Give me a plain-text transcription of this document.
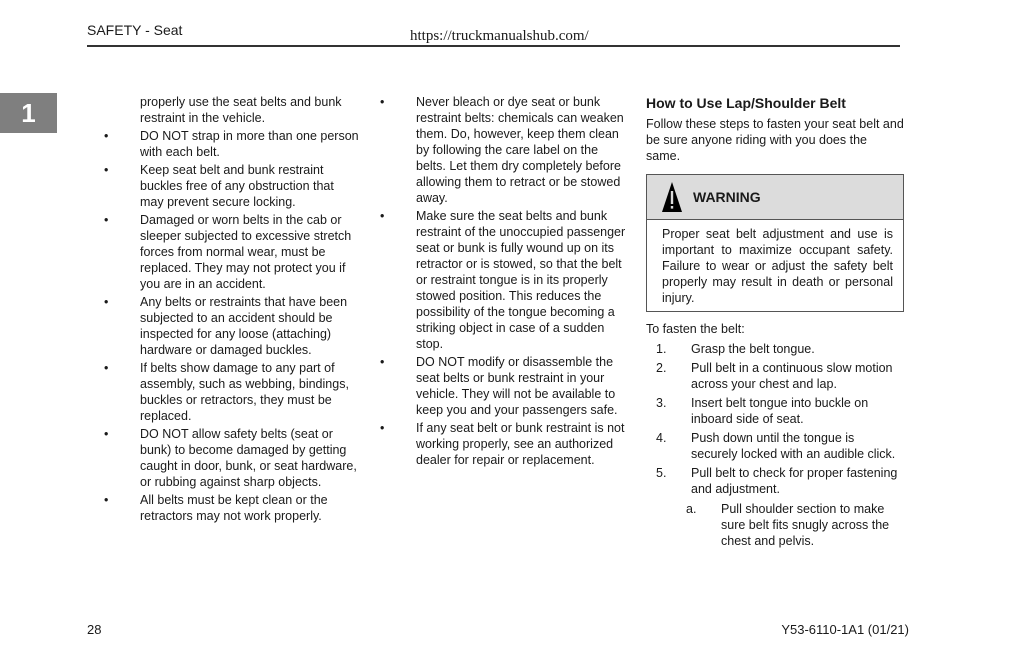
SAFETY - Seat	https://truckmanualshub.com/
1	properly use the seat belts and bunk restraint in the vehicle.

•	DO NOT strap in more than one person with each belt.
•	Keep seat belt and bunk restraint buckles free of any obstruction that may prevent secure locking.
•	Damaged or worn belts in the cab or sleeper subjected to excessive stretch forces from normal wear, must be replaced. They may not protect you if you are in an accident.
•	Any belts or restraints that have been subjected to an accident should be inspected for any loose (attaching) hardware or damaged buckles.
•	If belts show damage to any part of assembly, such as webbing, bindings, buckles or retractors, they must be replaced.
•	DO NOT allow safety belts (seat or bunk) to become damaged by getting caught in door, bunk, or seat hardware, or rubbing against sharp objects.
•	All belts must be kept clean or the retractors may not work properly.
•	Never bleach or dye seat or bunk restraint belts: chemicals can weaken them. Do, however, keep them clean by following the care label on the belts. Let them dry completely before allowing them to retract or be stowed away.
•	Make sure the seat belts and bunk restraint of the unoccupied passenger seat or bunk is fully wound up on its retractor or is stowed, so that the belt or restraint tongue is in its properly stowed position. This reduces the possibility of the tongue becoming a striking object in case of a sudden stop.
•	DO NOT modify or disassemble the seat belts or bunk restraint in your vehicle. They will not be available to keep you and your passengers safe.
•	If any seat belt or bunk restraint is not working properly, see an authorized dealer for repair or replacement.
How to Use Lap/Shoulder Belt

Follow these steps to fasten your seat belt and be sure anyone riding with you does the same.

WARNING
Proper seat belt adjustment and use is important to maximize occupant safety. Failure to wear or adjust the safety belt properly may result in death or personal injury.

To fasten the belt:

1. Grasp the belt tongue.
2. Pull belt in a continuous slow motion across your chest and lap.
3. Insert belt tongue into buckle on inboard side of seat.
4. Push down until the tongue is securely locked with an audible click.
5. Pull belt to check for proper fastening and adjustment.
a. Pull shoulder section to make sure belt fits snugly across the chest and pelvis.
28	Y53-6110-1A1 (01/21)
